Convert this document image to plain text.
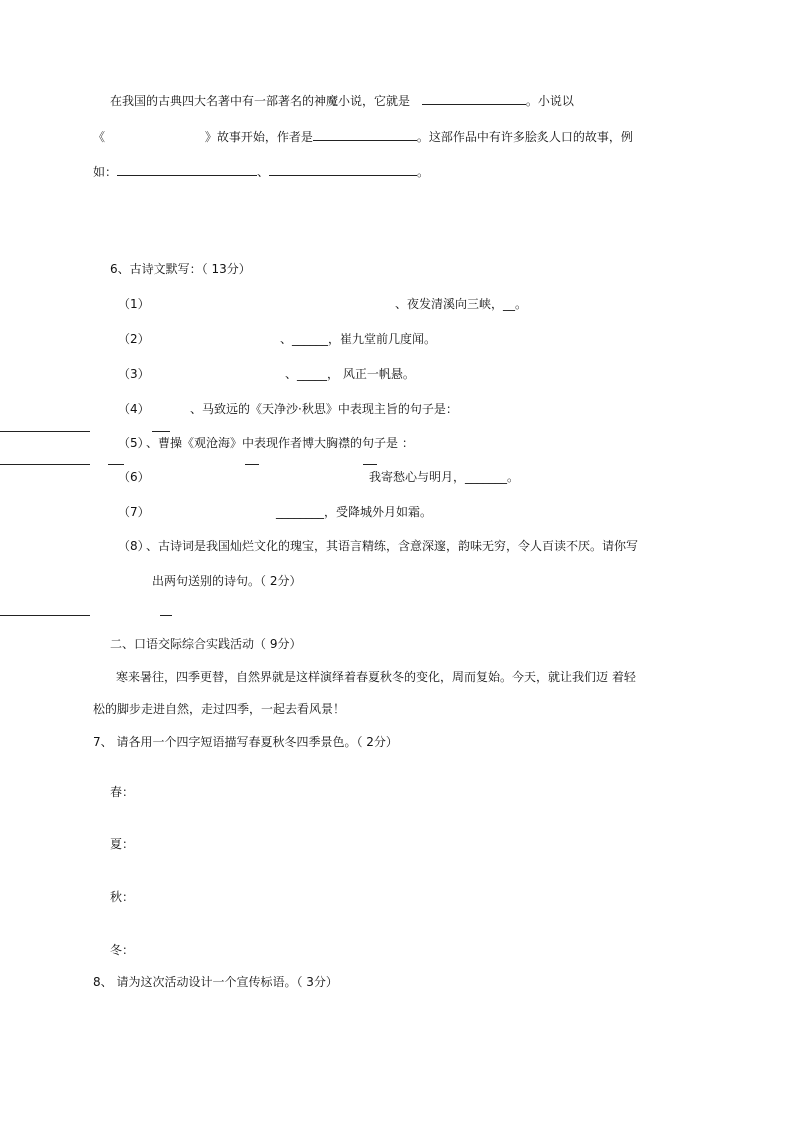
在我国的古典四大名著中有一部著名的神魔小说，它就是	。小说以
《	》故事开始，作者是	。这部作品中有许多脍炙人口的故事，例
如：	、	。
6、古诗文默写：（ 13分）
（1）	、夜发清溪向三峡，__。
（2）	、______，崔九堂前几度闻。
（3）	、_____， 风正一帆悬。
（4）	、马致远的《天净沙·秋思》中表现主旨的句子是：
（5）
、曹操《观沧海》中表现作者博大胸襟的句子是 ：
（6）	我寄愁心与明月，_______。
（7）	________，受降城外月如霜。
（8）
、古诗词是我国灿烂文化的瑰宝，其语言精练，含意深邃，韵味无穷，令人百读不厌。请你写
出两句送别的诗句。（ 2分）
二、口语交际综合实践活动（ 9分）
寒来暑往，四季更替，自然界就是这样演绎着春夏秋冬的变化，周而复始。今天，就让我们迈 着轻
松的脚步走进自然，走过四季，一起去看风景！
7、 请各用一个四字短语描写春夏秋冬四季景色。（ 2分）
春：
夏：
秋：
冬：
8、 请为这次活动设计一个宣传标语。（ 3分）
